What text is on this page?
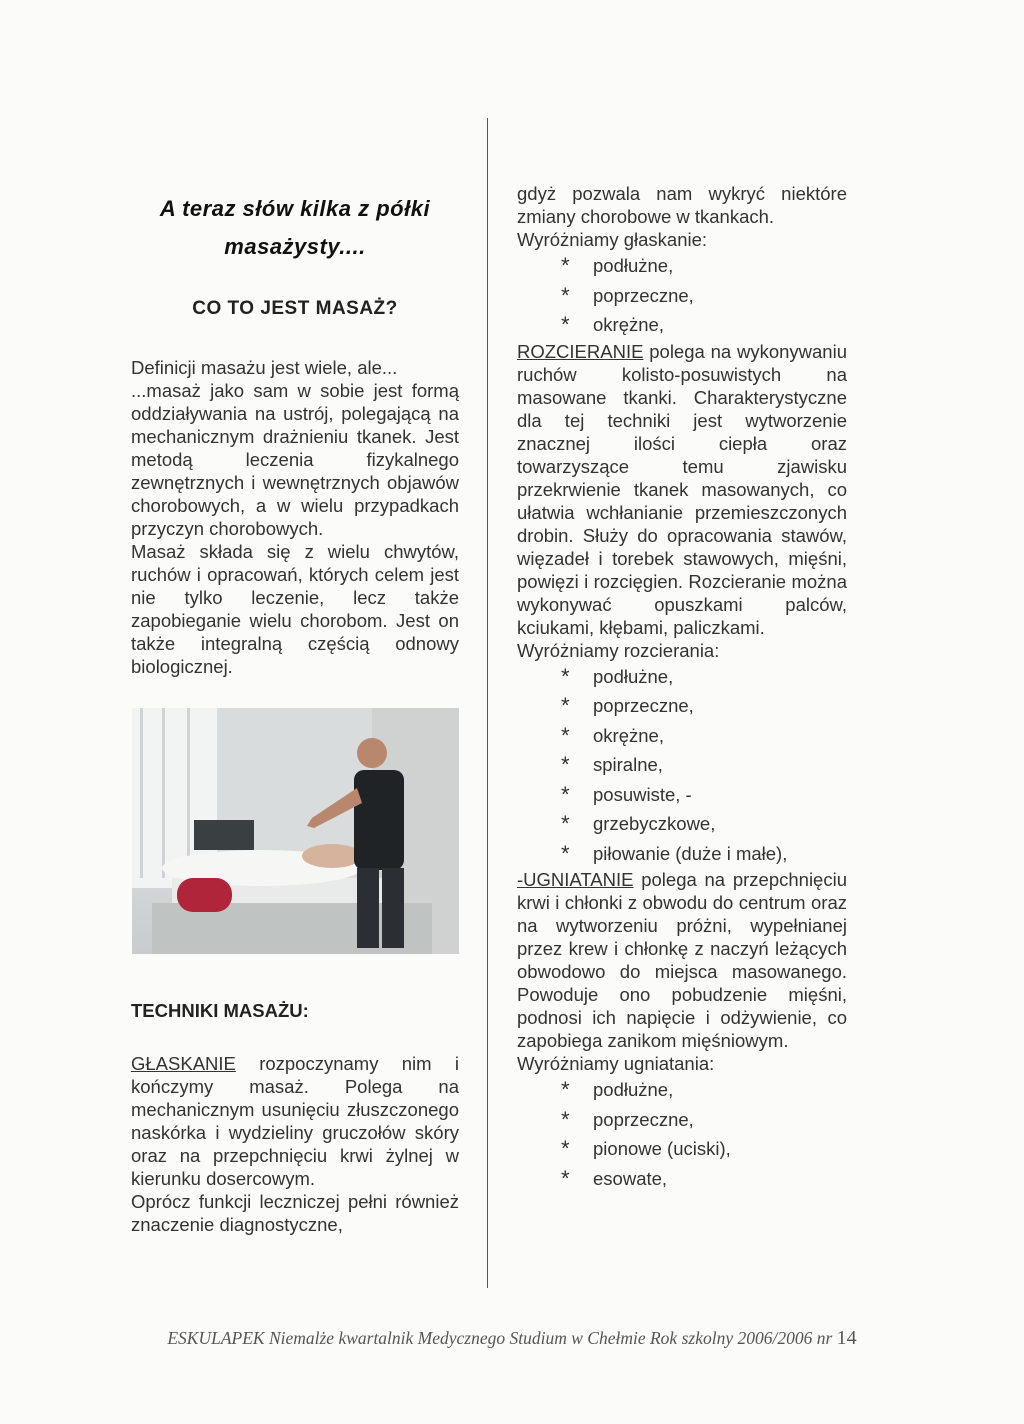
A teraz słów kilka z półki
masażysty....
CO TO JEST MASAŻ?

Definicji masażu jest wiele, ale...

...masaż jako sam w sobie jest formą oddziaływania na ustrój, polegającą na mechanicznym drażnieniu tkanek. Jest metodą leczenia fizykalnego zewnętrznych i wewnętrznych objawów chorobowych, a w wielu przypadkach przyczyn chorobowych.

Masaż składa się z wielu chwytów, ruchów i opracowań, których celem jest nie tylko leczenie, lecz także zapobieganie wielu chorobom. Jest on także integralną częścią odnowy biologicznej.

TECHNIKI MASAŻU:

GŁASKANIE rozpoczynamy nim i kończymy masaż. Polega na mechanicznym usunięciu złuszczonego naskórka i wydzieliny gruczołów skóry oraz na przepchnięciu krwi żylnej w kierunku dosercowym.

Oprócz funkcji leczniczej pełni również znaczenie diagnostyczne,

gdyż pozwala nam wykryć niektóre zmiany chorobowe w tkankach.

Wyróżniamy głaskanie:

* podłużne,
* poprzeczne,
* okrężne,

ROZCIERANIE polega na wykonywaniu ruchów kolisto-posuwistych na masowane tkanki. Charakterystyczne dla tej techniki jest wytworzenie znacznej ilości ciepła oraz towarzyszące temu zjawisku przekrwienie tkanek masowanych, co ułatwia wchłanianie przemieszczonych drobin. Służy do opracowania stawów, więzadeł i torebek stawowych, mięśni, powięzi i rozcięgien. Rozcieranie można wykonywać opuszkami palców, kciukami, kłębami, paliczkami.

Wyróżniamy rozcierania:

* podłużne,
* poprzeczne,
* okrężne,
* spiralne,
* posuwiste, -
* grzebyczkowe,
* piłowanie (duże i małe),

-UGNIATANIE polega na przepchnięciu krwi i chłonki z obwodu do centrum oraz na wytworzeniu próżni, wypełnianej przez krew i chłonkę z naczyń leżących obwodowo do miejsca masowanego. Powoduje ono pobudzenie mięśni, podnosi ich napięcie i odżywienie, co zapobiega zanikom mięśniowym.

Wyróżniamy ugniatania:

* podłużne,
* poprzeczne,
* pionowe (uciski),
* esowate,
ESKULAPEK Niemalże kwartalnik Medycznego Studium w Chełmie Rok szkolny 2006/2006 nr 14
